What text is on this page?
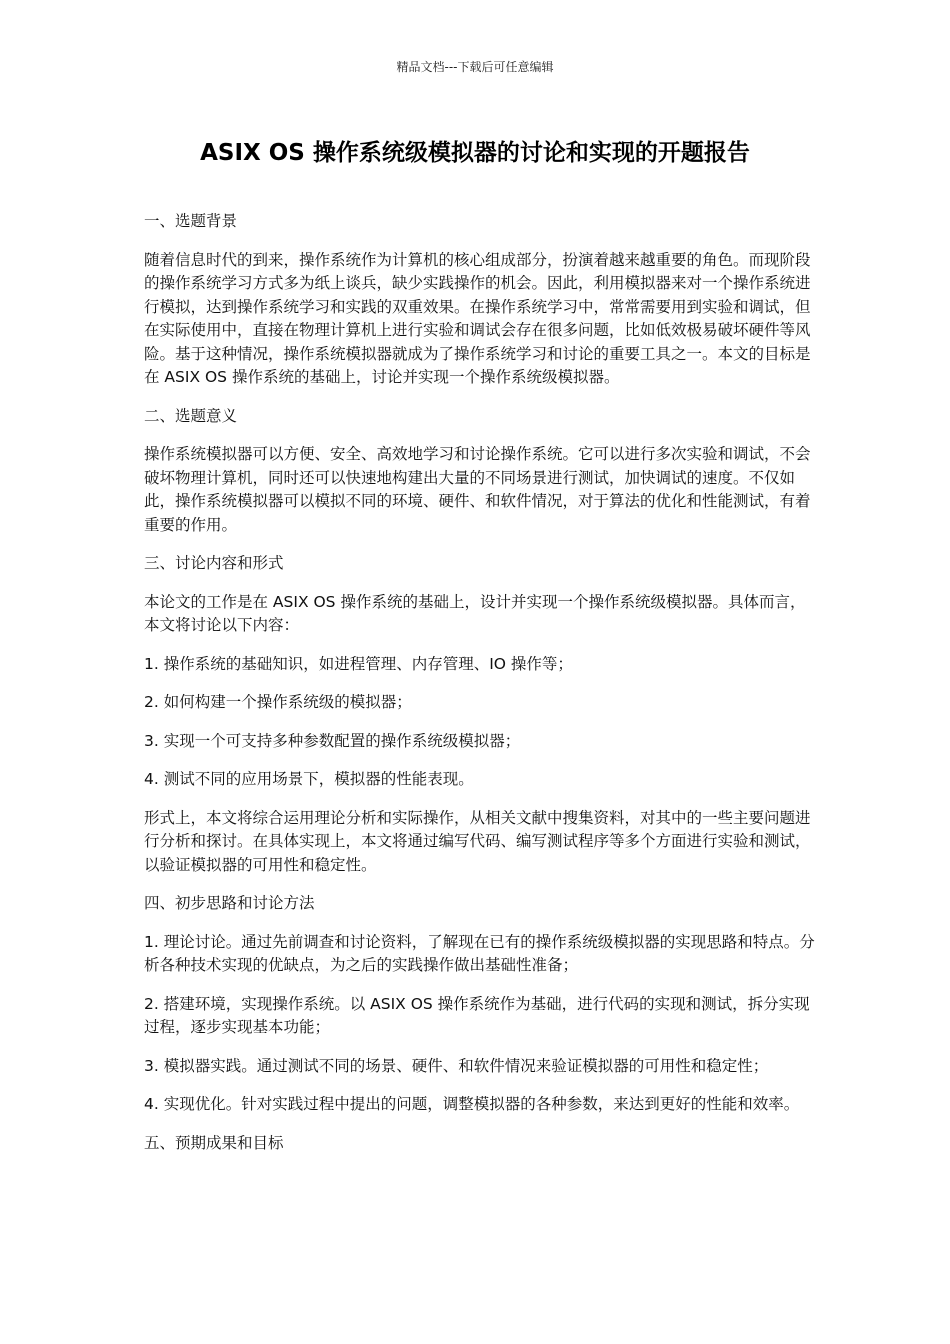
精品文档---下载后可任意编辑
ASIX OS 操作系统级模拟器的讨论和实现的开题报告

一、选题背景

随着信息时代的到来，操作系统作为计算机的核心组成部分，扮演着越来越重要的角色。而现阶段的操作系统学习方式多为纸上谈兵，缺少实践操作的机会。因此，利用模拟器来对一个操作系统进行模拟，达到操作系统学习和实践的双重效果。在操作系统学习中，常常需要用到实验和调试，但在实际使用中，直接在物理计算机上进行实验和调试会存在很多问题，比如低效极易破坏硬件等风险。基于这种情况，操作系统模拟器就成为了操作系统学习和讨论的重要工具之一。本文的目标是在 ASIX OS 操作系统的基础上，讨论并实现一个操作系统级模拟器。

二、选题意义

操作系统模拟器可以方便、安全、高效地学习和讨论操作系统。它可以进行多次实验和调试，不会破坏物理计算机，同时还可以快速地构建出大量的不同场景进行测试，加快调试的速度。不仅如此，操作系统模拟器可以模拟不同的环境、硬件、和软件情况，对于算法的优化和性能测试，有着重要的作用。

三、讨论内容和形式

本论文的工作是在 ASIX OS 操作系统的基础上，设计并实现一个操作系统级模拟器。具体而言，本文将讨论以下内容：

1. 操作系统的基础知识，如进程管理、内存管理、IO 操作等；

2. 如何构建一个操作系统级的模拟器；

3. 实现一个可支持多种参数配置的操作系统级模拟器；

4. 测试不同的应用场景下，模拟器的性能表现。

形式上，本文将综合运用理论分析和实际操作，从相关文献中搜集资料，对其中的一些主要问题进行分析和探讨。在具体实现上，本文将通过编写代码、编写测试程序等多个方面进行实验和测试，以验证模拟器的可用性和稳定性。

四、初步思路和讨论方法

1. 理论讨论。通过先前调查和讨论资料，了解现在已有的操作系统级模拟器的实现思路和特点。分析各种技术实现的优缺点，为之后的实践操作做出基础性准备；

2. 搭建环境，实现操作系统。以 ASIX OS 操作系统作为基础，进行代码的实现和测试，拆分实现过程，逐步实现基本功能；

3. 模拟器实践。通过测试不同的场景、硬件、和软件情况来验证模拟器的可用性和稳定性；

4. 实现优化。针对实践过程中提出的问题，调整模拟器的各种参数，来达到更好的性能和效率。

五、预期成果和目标
